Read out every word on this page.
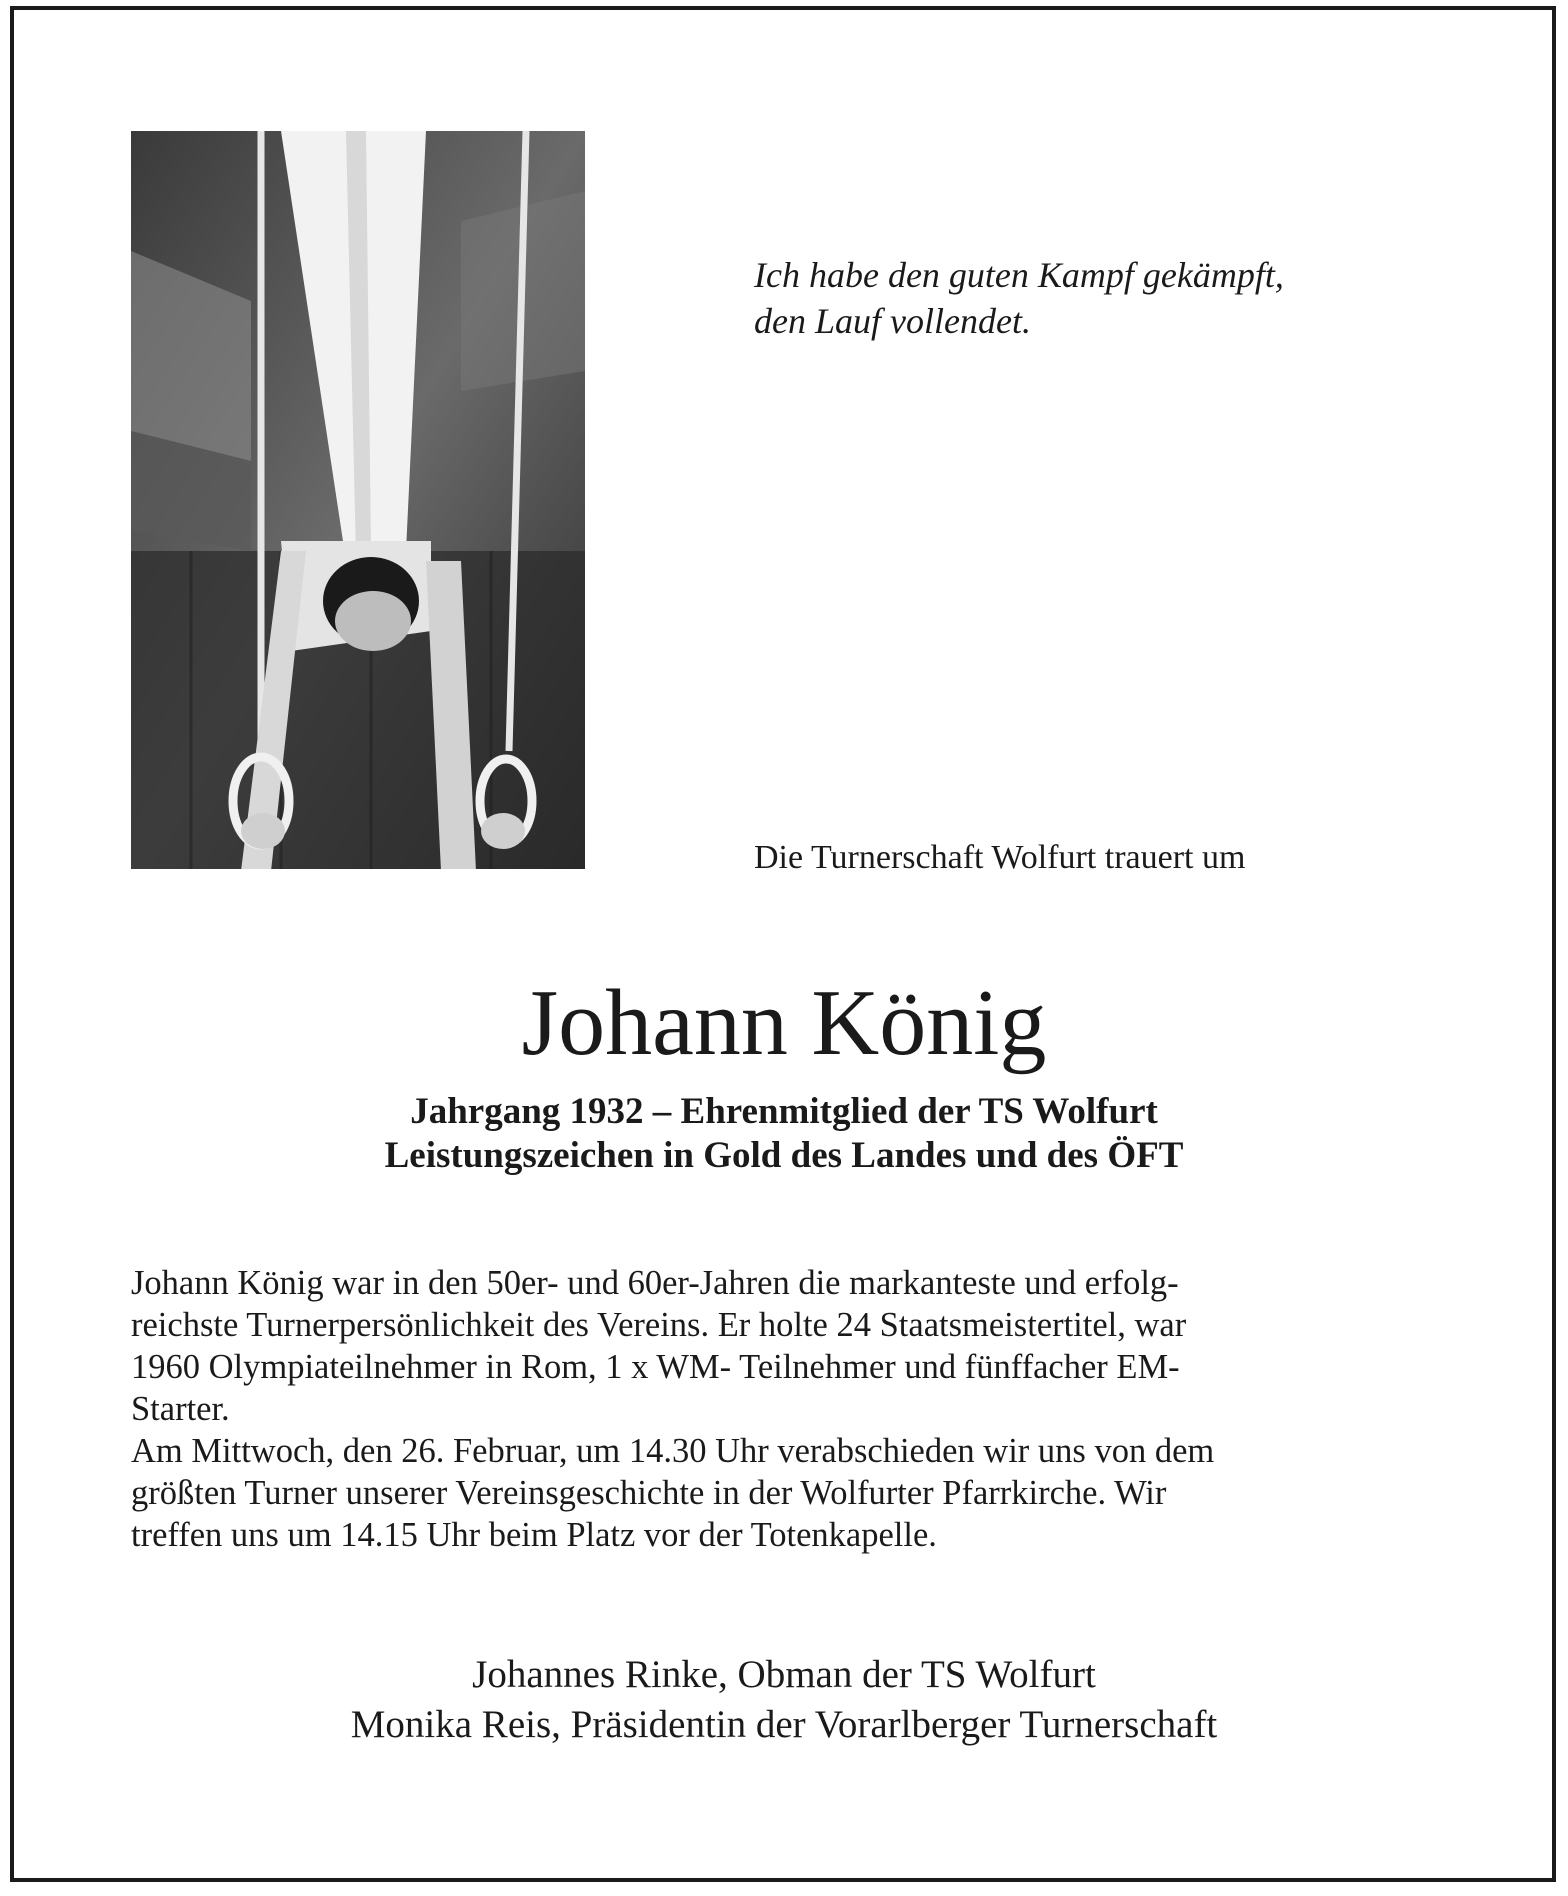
Ich habe den guten Kampf gekämpft,
den Lauf vollendet.
Die Turnerschaft Wolfurt trauert um
Johann König
Jahrgang 1932 – Ehrenmitglied der TS Wolfurt
Leistungszeichen in Gold des Landes und des ÖFT
Johann König war in den 50er- und 60er-Jahren die markanteste und erfolg-
reichste Turnerpersönlichkeit des Vereins. Er holte 24 Staatsmeistertitel, war
1960 Olympiateilnehmer in Rom, 1 x WM- Teilnehmer und fünffacher EM-
Starter.
Am Mittwoch, den 26. Februar, um 14.30 Uhr verabschieden wir uns von dem
größten Turner unserer Vereinsgeschichte in der Wolfurter Pfarrkirche. Wir
treffen uns um 14.15 Uhr beim Platz vor der Totenkapelle.
Johannes Rinke, Obman der TS Wolfurt
Monika Reis, Präsidentin der Vorarlberger Turnerschaft
